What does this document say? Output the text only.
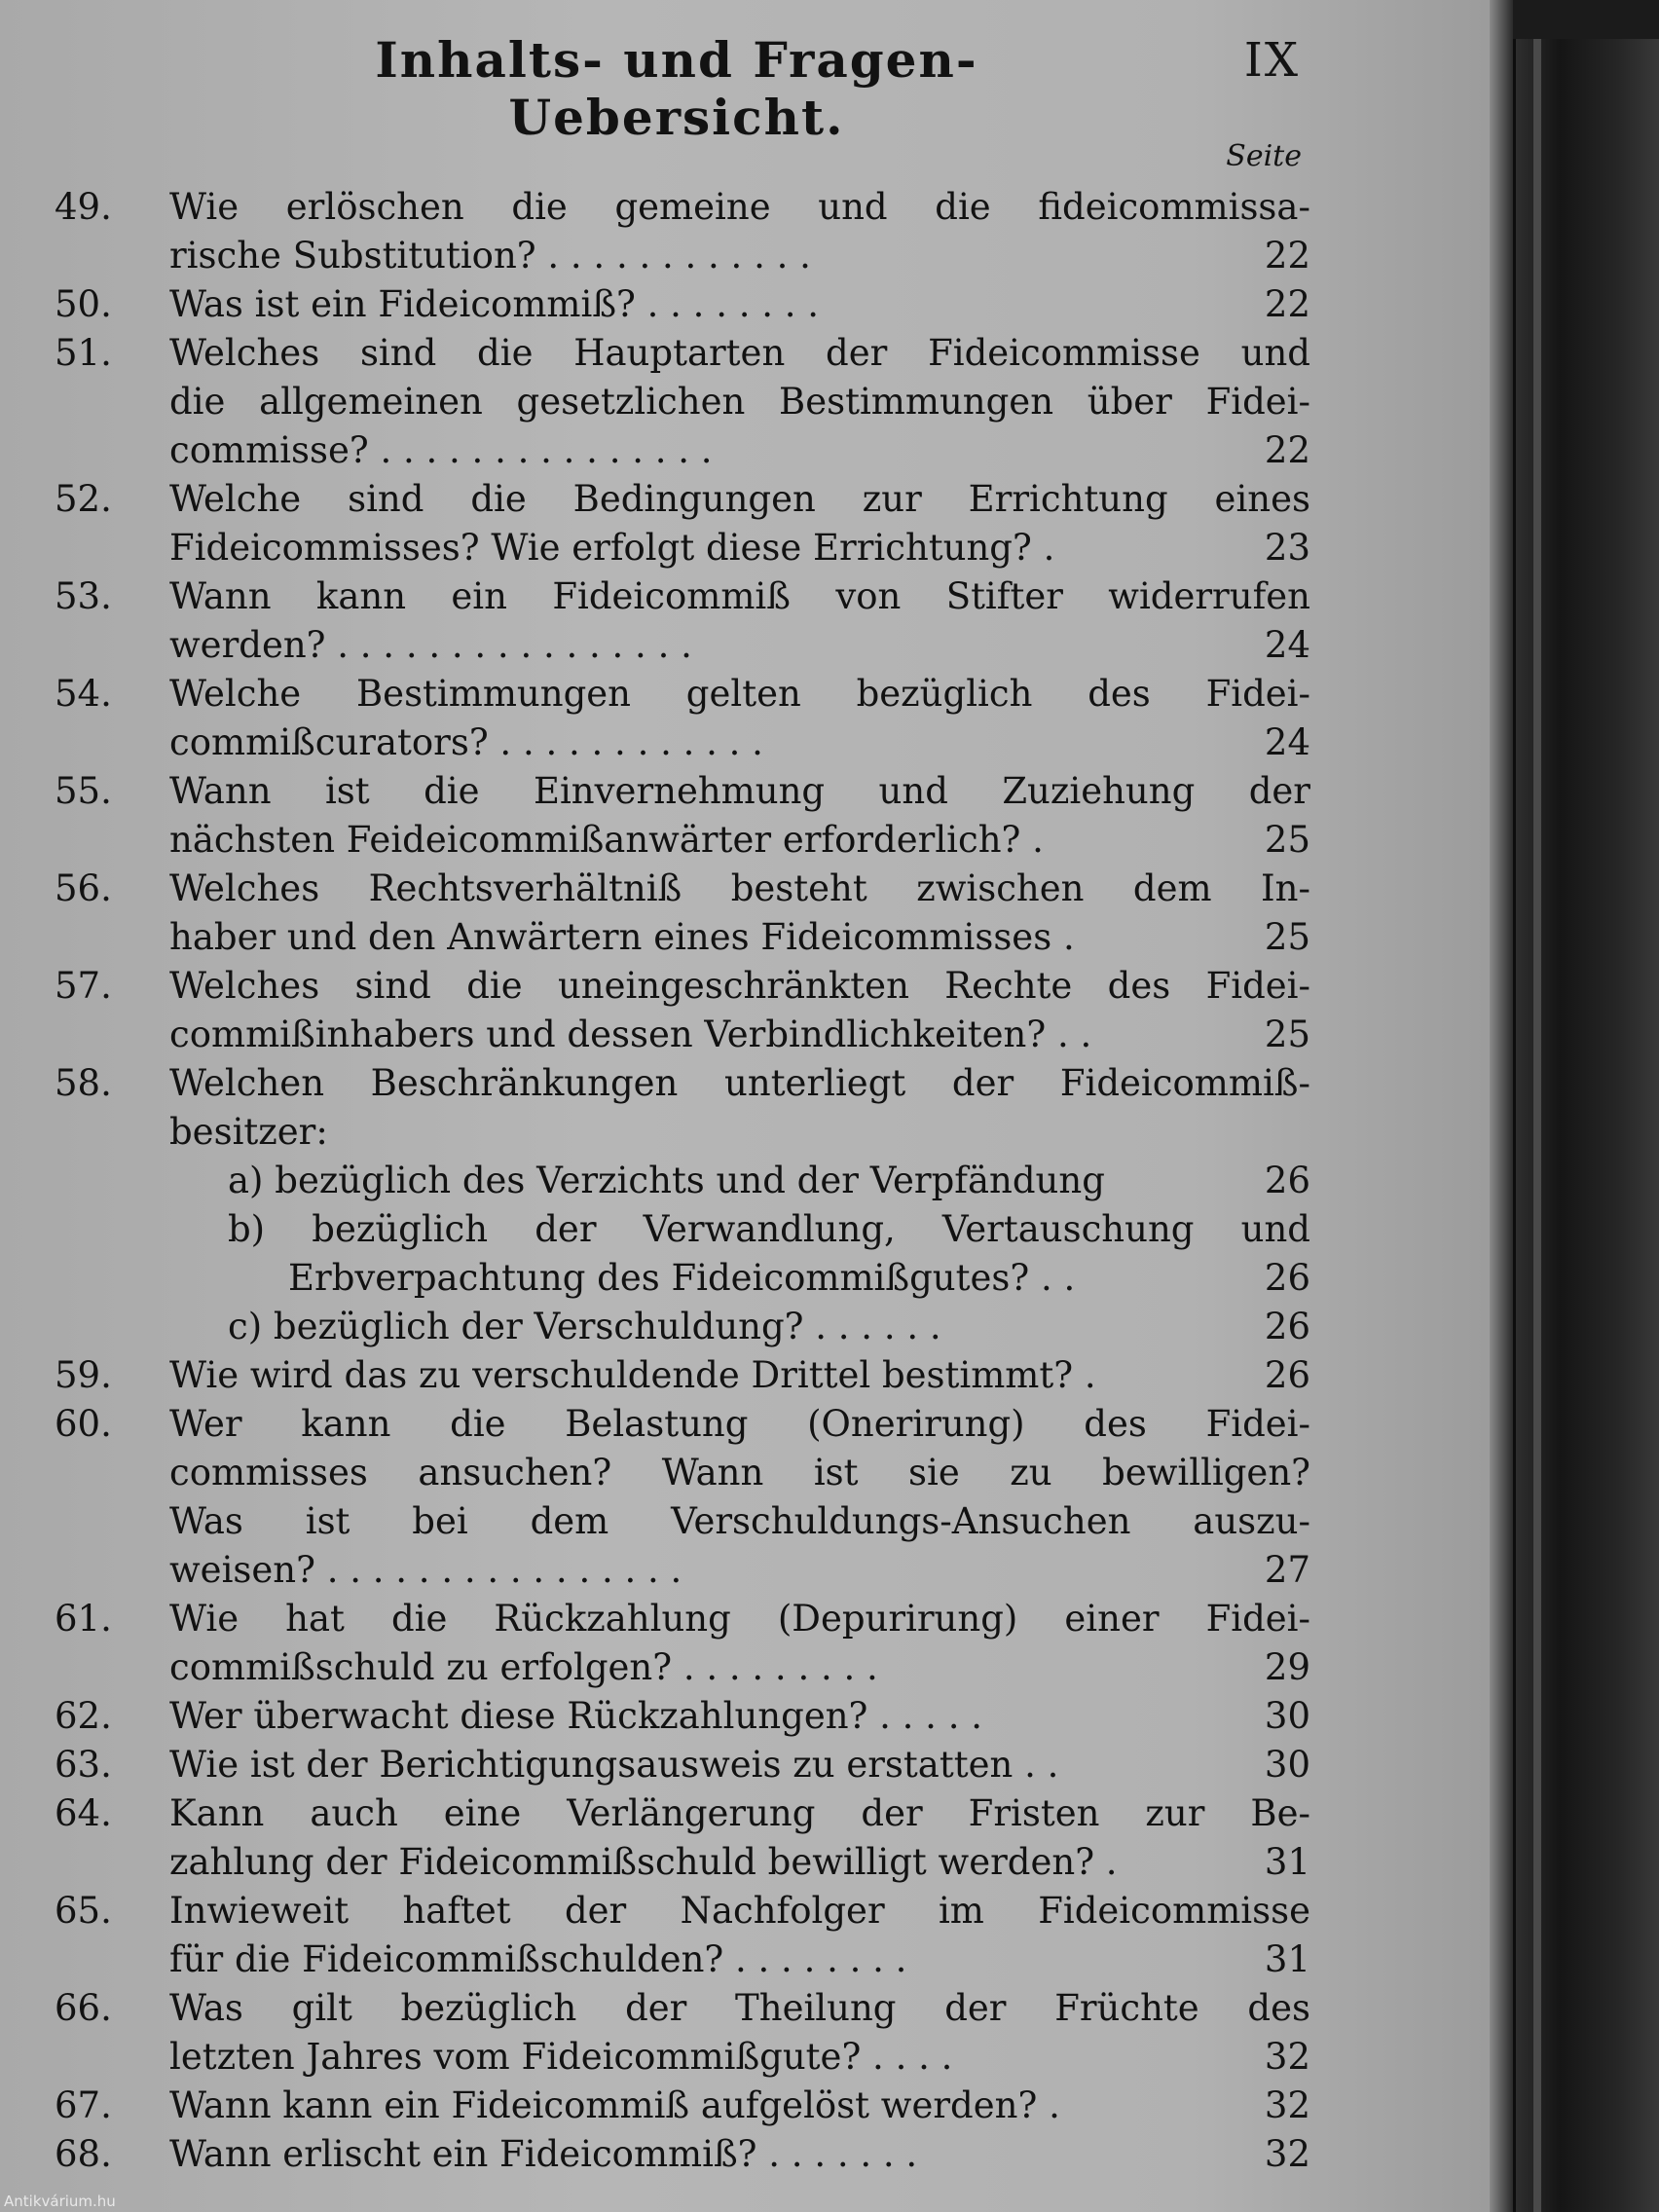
Inhalts- und Fragen-Uebersicht.
IX
Seite
49.	Wie erlöschen die gemeine und die fideicommissa-
rische Substitution? . . . . . . . . . . . .	22
50.	Was ist ein Fideicommiß? . . . . . . . .	22
51.	Welches sind die Hauptarten der Fideicommisse und
die allgemeinen gesetzlichen Bestimmungen über Fidei-
commisse? . . . . . . . . . . . . . . .	22
52.	Welche sind die Bedingungen zur Errichtung eines
Fideicommisses? Wie erfolgt diese Errichtung? .	23
53.	Wann kann ein Fideicommiß von Stifter widerrufen
werden? . . . . . . . . . . . . . . . .	24
54.	Welche Bestimmungen gelten bezüglich des Fidei-
commißcurators? . . . . . . . . . . . .	24
55.	Wann ist die Einvernehmung und Zuziehung der
nächsten Feideicommißanwärter erforderlich? .	25
56.	Welches Rechtsverhältniß besteht zwischen dem In-
haber und den Anwärtern eines Fideicommisses .	25
57.	Welches sind die uneingeschränkten Rechte des Fidei-
commißinhabers und dessen Verbindlichkeiten? . .	25
58.	Welchen Beschränkungen unterliegt der Fideicommiß-
besitzer:
a) bezüglich des Verzichts und der Verpfändung	26
b) bezüglich der Verwandlung, Vertauschung und
Erbverpachtung des Fideicommißgutes? . .	26
c) bezüglich der Verschuldung? . . . . . .	26
59.	Wie wird das zu verschuldende Drittel bestimmt? .	26
60.	Wer kann die Belastung (Onerirung) des Fidei-
commisses ansuchen? Wann ist sie zu bewilligen?
Was ist bei dem Verschuldungs-Ansuchen auszu-
weisen? . . . . . . . . . . . . . . . .	27
61.	Wie hat die Rückzahlung (Depurirung) einer Fidei-
commißschuld zu erfolgen? . . . . . . . . .	29
62.	Wer überwacht diese Rückzahlungen? . . . . .	30
63.	Wie ist der Berichtigungsausweis zu erstatten . .	30
64.	Kann auch eine Verlängerung der Fristen zur Be-
zahlung der Fideicommißschuld bewilligt werden? .	31
65.	Inwieweit haftet der Nachfolger im Fideicommisse
für die Fideicommißschulden? . . . . . . . .	31
66.	Was gilt bezüglich der Theilung der Früchte des
letzten Jahres vom Fideicommißgute? . . . .	32
67.	Wann kann ein Fideicommiß aufgelöst werden? .	32
68.	Wann erlischt ein Fideicommiß? . . . . . . .	32
Antikvárium.hu
